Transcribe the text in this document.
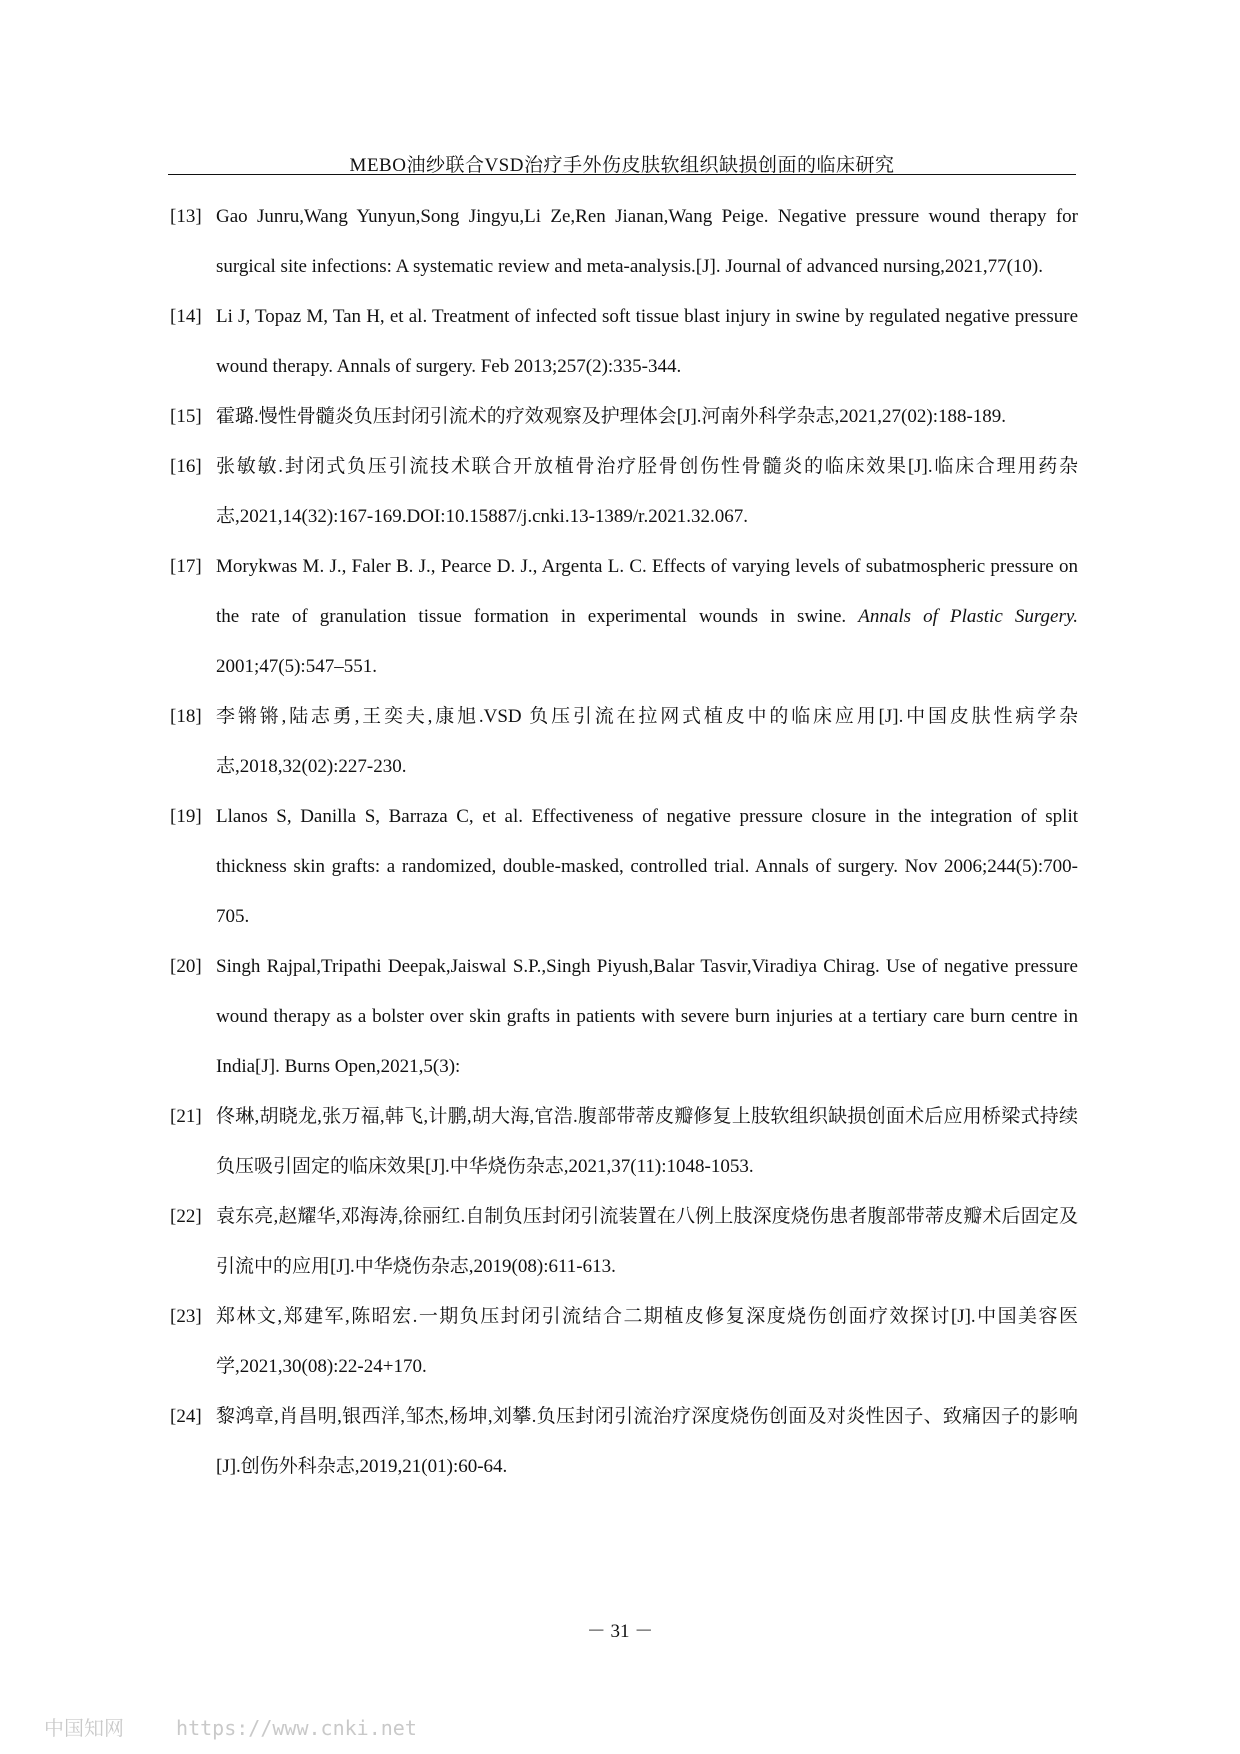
MEBO油纱联合VSD治疗手外伤皮肤软组织缺损创面的临床研究
[13] Gao Junru,Wang Yunyun,Song Jingyu,Li Ze,Ren Jianan,Wang Peige. Negative pressure wound therapy for surgical site infections: A systematic review and meta-analysis.[J]. Journal of advanced nursing,2021,77(10).
[14] Li J, Topaz M, Tan H, et al. Treatment of infected soft tissue blast injury in swine by regulated negative pressure wound therapy. Annals of surgery. Feb 2013;257(2):335-344.
[15] 霍璐.慢性骨髓炎负压封闭引流术的疗效观察及护理体会[J].河南外科学杂志,2021,27(02):188-189.
[16] 张敏敏.封闭式负压引流技术联合开放植骨治疗胫骨创伤性骨髓炎的临床效果[J].临床合理用药杂志,2021,14(32):167-169.DOI:10.15887/j.cnki.13-1389/r.2021.32.067.
[17] Morykwas M. J., Faler B. J., Pearce D. J., Argenta L. C. Effects of varying levels of subatmospheric pressure on the rate of granulation tissue formation in experimental wounds in swine. Annals of Plastic Surgery. 2001;47(5):547–551.
[18] 李锵锵,陆志勇,王奕夫,康旭.VSD 负压引流在拉网式植皮中的临床应用[J].中国皮肤性病学杂志,2018,32(02):227-230.
[19] Llanos S, Danilla S, Barraza C, et al. Effectiveness of negative pressure closure in the integration of split thickness skin grafts: a randomized, double-masked, controlled trial. Annals of surgery. Nov 2006;244(5):700-705.
[20] Singh Rajpal,Tripathi Deepak,Jaiswal S.P.,Singh Piyush,Balar Tasvir,Viradiya Chirag. Use of negative pressure wound therapy as a bolster over skin grafts in patients with severe burn injuries at a tertiary care burn centre in India[J]. Burns Open,2021,5(3):
[21] 佟琳,胡晓龙,张万福,韩飞,计鹏,胡大海,官浩.腹部带蒂皮瓣修复上肢软组织缺损创面术后应用桥梁式持续负压吸引固定的临床效果[J].中华烧伤杂志,2021,37(11):1048-1053.
[22] 袁东亮,赵耀华,邓海涛,徐丽红.自制负压封闭引流装置在八例上肢深度烧伤患者腹部带蒂皮瓣术后固定及引流中的应用[J].中华烧伤杂志,2019(08):611-613.
[23] 郑林文,郑建军,陈昭宏.一期负压封闭引流结合二期植皮修复深度烧伤创面疗效探讨[J].中国美容医学,2021,30(08):22-24+170.
[24] 黎鸿章,肖昌明,银西洋,邹杰,杨坤,刘攀.负压封闭引流治疗深度烧伤创面及对炎性因子、致痛因子的影响[J].创伤外科杂志,2019,21(01):60-64.
－ 31 －
中国知网	https://www.cnki.net
